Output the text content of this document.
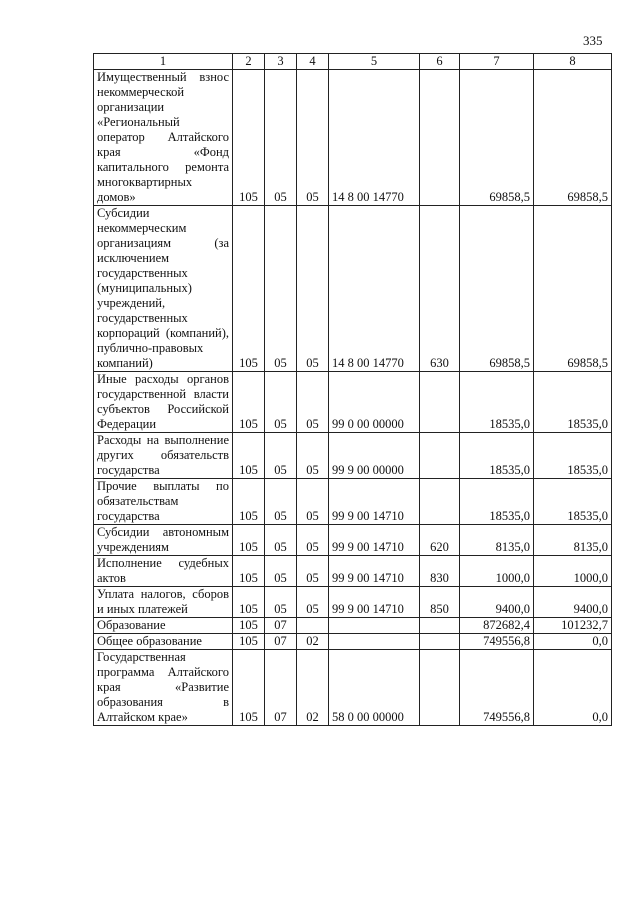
335
1	2	3	4	5	6	7	8
Имущественный взнос некоммерческой организации «Региональный оператор Алтайского края «Фонд капитального ремонта многоквартирных домов»	105	05	05	14 8 00 14770		69858,5	69858,5
Субсидии некоммерческим организациям (за исключением государственных (муниципальных) учреждений, государственных корпораций (компаний), публично-правовых компаний)	105	05	05	14 8 00 14770	630	69858,5	69858,5
Иные расходы органов государственной власти субъектов Российской Федерации	105	05	05	99 0 00 00000		18535,0	18535,0
Расходы на выполнение других обязательств государства	105	05	05	99 9 00 00000		18535,0	18535,0
Прочие выплаты по обязательствам государства	105	05	05	99 9 00 14710		18535,0	18535,0
Субсидии автономным учреждениям	105	05	05	99 9 00 14710	620	8135,0	8135,0
Исполнение судебных актов	105	05	05	99 9 00 14710	830	1000,0	1000,0
Уплата налогов, сборов и иных платежей	105	05	05	99 9 00 14710	850	9400,0	9400,0
Образование	105	07				872682,4	101232,7
Общее образование	105	07	02			749556,8	0,0
Государственная программа Алтайского края «Развитие образования в Алтайском крае»	105	07	02	58 0 00 00000		749556,8	0,0
